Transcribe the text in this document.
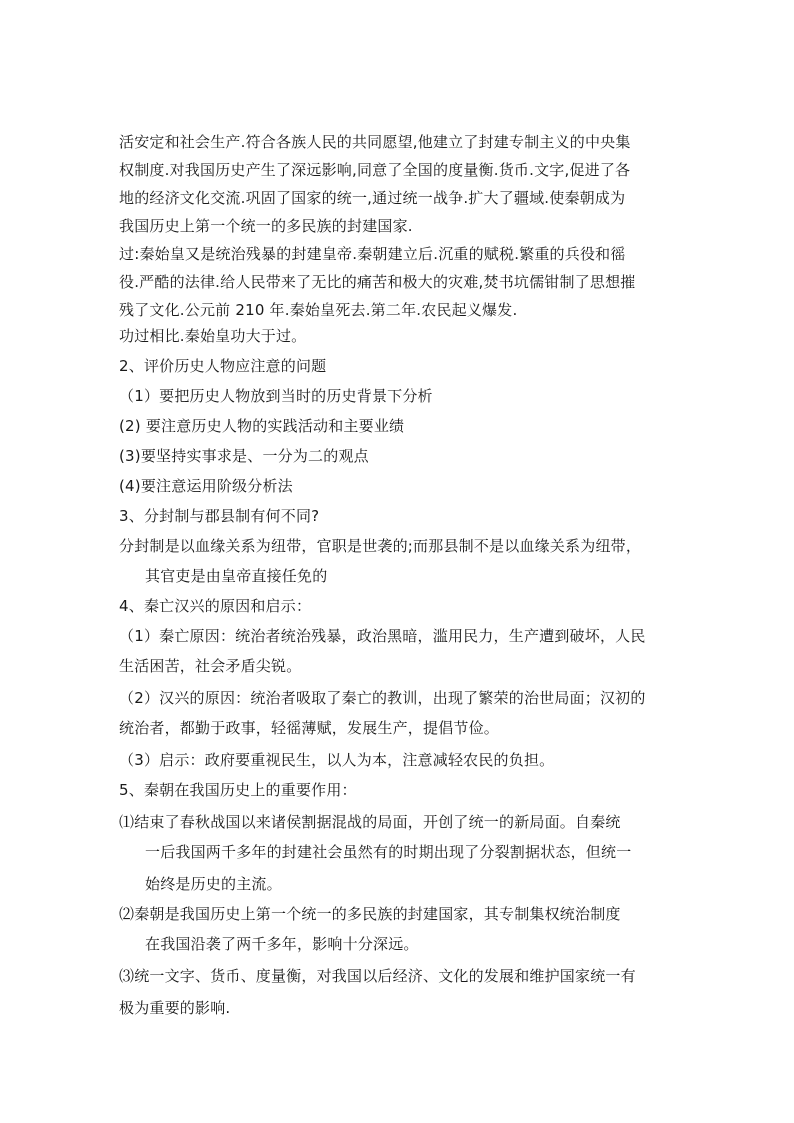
活安定和社会生产.符合各族人民的共同愿望,他建立了封建专制主义的中央集
权制度.对我国历史产生了深远影响,同意了全国的度量衡.货币.文字,促进了各
地的经济文化交流.巩固了国家的统一,通过统一战争.扩大了疆域.使秦朝成为
我国历史上第一个统一的多民族的封建国家.
过:秦始皇又是统治残暴的封建皇帝.秦朝建立后.沉重的赋税.繁重的兵役和徭
役.严酷的法律.给人民带来了无比的痛苦和极大的灾难,焚书坑儒钳制了思想摧
残了文化.公元前 210 年.秦始皇死去.第二年.农民起义爆发.
功过相比.秦始皇功大于过。
2、评价历史人物应注意的问题
（1）要把历史人物放到当时的历史背景下分析
(2) 要注意历史人物的实践活动和主要业绩
(3)要坚持实事求是、一分为二的观点
(4)要注意运用阶级分析法
3、分封制与郡县制有何不同?
分封制是以血缘关系为纽带，官职是世袭的;而那县制不是以血缘关系为纽带，
其官吏是由皇帝直接任免的
4、秦亡汉兴的原因和启示：
（1）秦亡原因：统治者统治残暴，政治黑暗，滥用民力，生产遭到破坏，人民
生活困苦，社会矛盾尖锐。
（2）汉兴的原因：统治者吸取了秦亡的教训，出现了繁荣的治世局面；汉初的
统治者，都勤于政事，轻徭薄赋，发展生产，提倡节俭。
（3）启示：政府要重视民生，以人为本，注意减轻农民的负担。
5、秦朝在我国历史上的重要作用：
⑴结束了春秋战国以来诸侯割据混战的局面，开创了统一的新局面。自秦统
一后我国两千多年的封建社会虽然有的时期出现了分裂割据状态，但统一
始终是历史的主流。
⑵秦朝是我国历史上第一个统一的多民族的封建国家，其专制集权统治制度
在我国沿袭了两千多年，影响十分深远。
⑶统一文字、货币、度量衡，对我国以后经济、文化的发展和维护国家统一有
极为重要的影响.
